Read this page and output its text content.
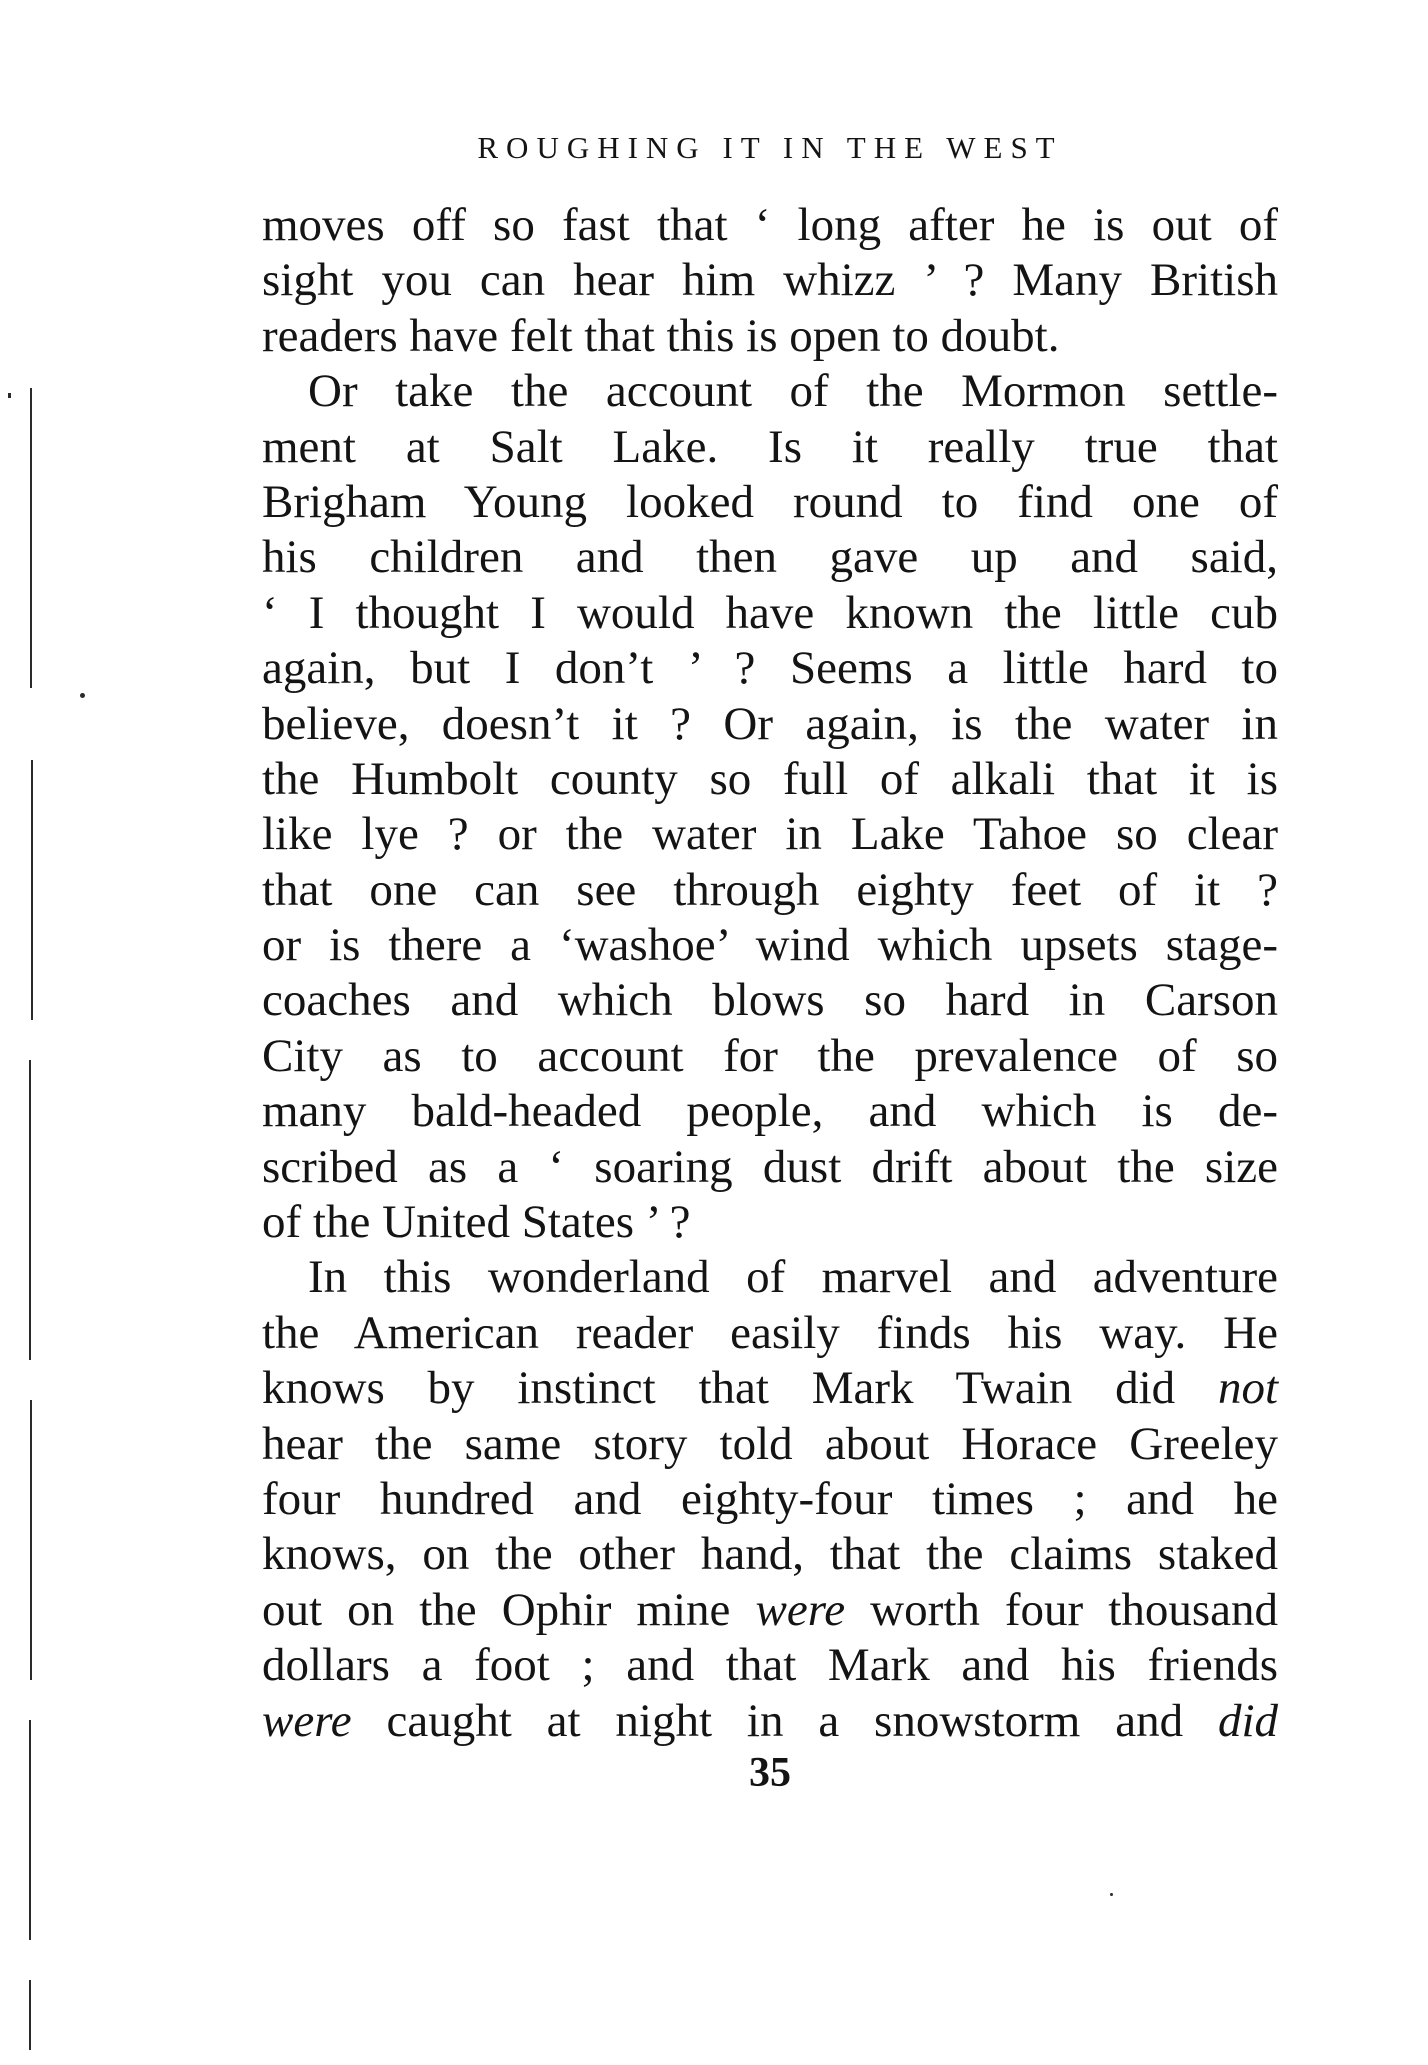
ROUGHING IT IN THE WEST
moves off so fast that ‘ long after he is out of
sight you can hear him whizz ’ ? Many British
readers have felt that this is open to doubt.
Or take the account of the Mormon settle-
ment at Salt Lake. Is it really true that
Brigham Young looked round to find one of
his children and then gave up and said,
‘ I thought I would have known the little cub
again, but I don’t ’ ? Seems a little hard to
believe, doesn’t it ? Or again, is the water in
the Humbolt county so full of alkali that it is
like lye ? or the water in Lake Tahoe so clear
that one can see through eighty feet of it ?
or is there a ‘washoe’ wind which upsets stage-
coaches and which blows so hard in Carson
City as to account for the prevalence of so
many bald-headed people, and which is de-
scribed as a ‘ soaring dust drift about the size
of the United States ’ ?
In this wonderland of marvel and adventure
the American reader easily finds his way. He
knows by instinct that Mark Twain did not
hear the same story told about Horace Greeley
four hundred and eighty-four times ; and he
knows, on the other hand, that the claims staked
out on the Ophir mine were worth four thousand
dollars a foot ; and that Mark and his friends
were caught at night in a snowstorm and did
35
